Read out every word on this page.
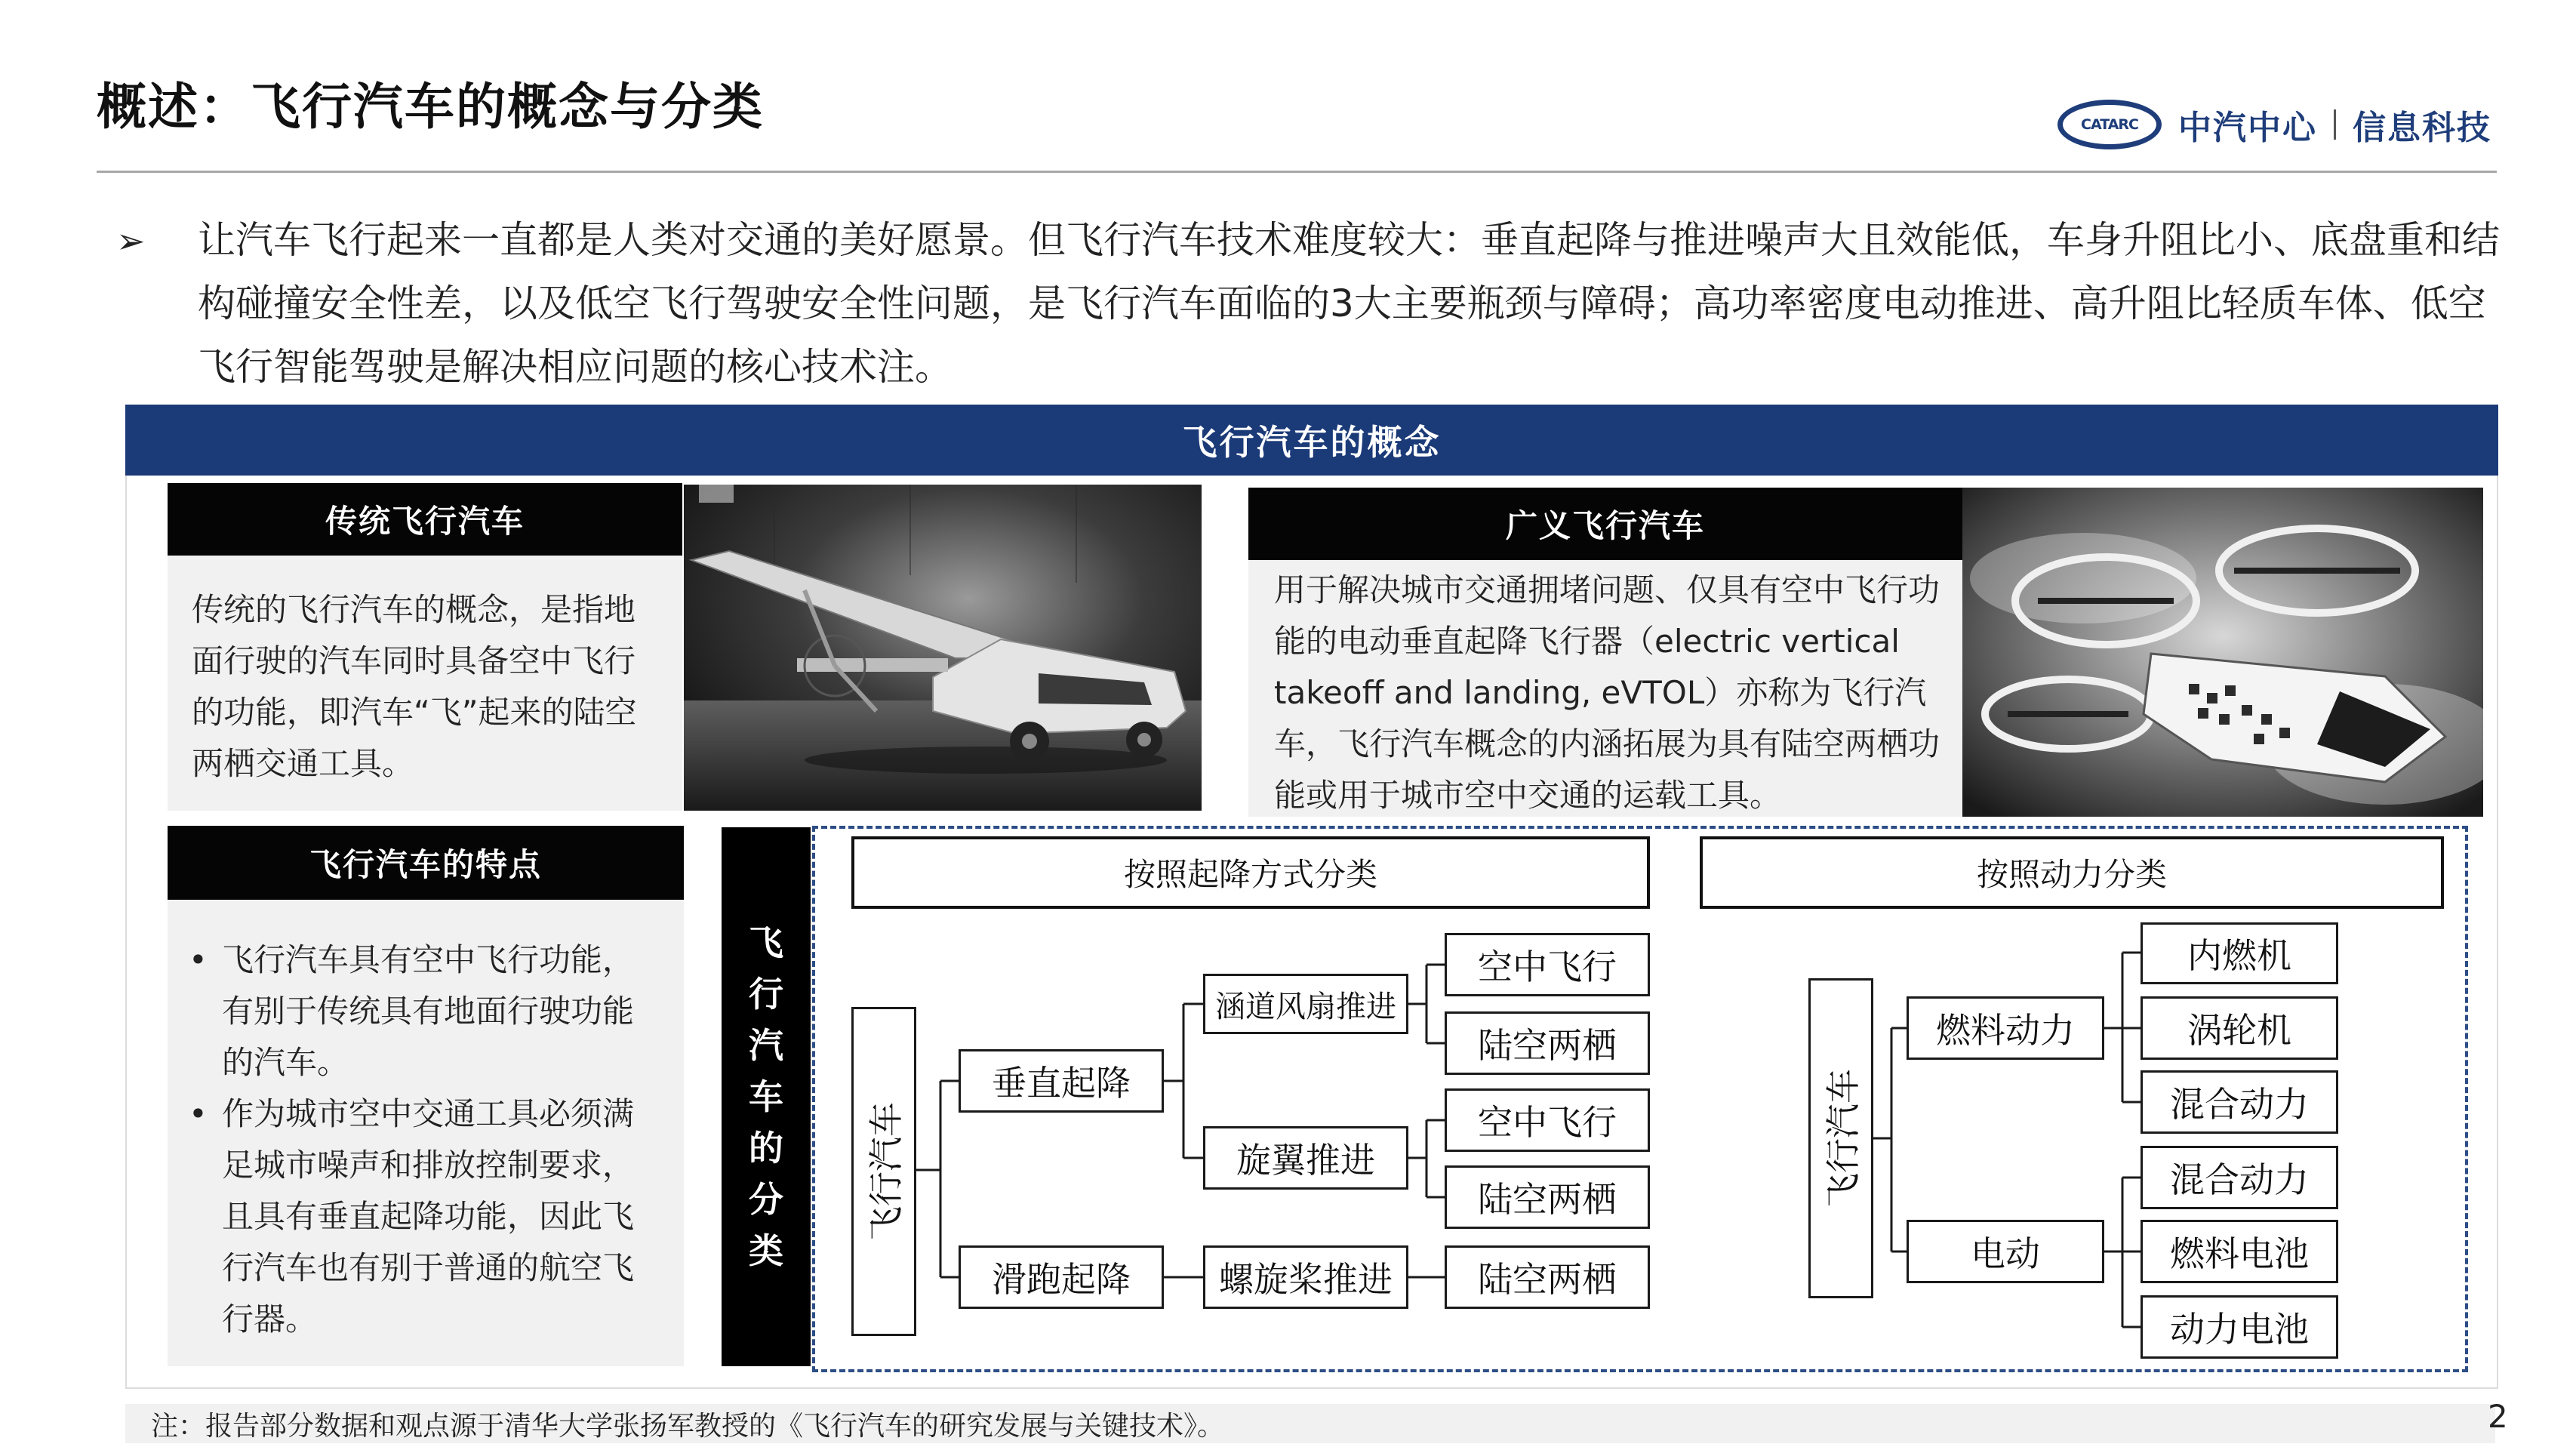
概述：飞行汽车的概念与分类	CATARC	中汽中心 信息科技
➢ 让汽车飞行起来一直都是人类对交通的美好愿景。但飞行汽车技术难度较大：垂直起降与推进噪声大且效能低，车身升阻比小、底盘重和结构碰撞安全性差，以及低空飞行驾驶安全性问题，是飞行汽车面临的3大主要瓶颈与障碍；高功率密度电动推进、高升阻比轻质车体、低空飞行智能驾驶是解决相应问题的核心技术注。
飞行汽车的概念
传统飞行汽车
传统的飞行汽车的概念，是指地面行驶的汽车同时具备空中飞行的功能，即汽车“飞”起来的陆空两栖交通工具。
广义飞行汽车
用于解决城市交通拥堵问题、仅具有空中飞行功能的电动垂直起降飞行器（electric vertical takeoff and landing, eVTOL）亦称为飞行汽车，飞行汽车概念的内涵拓展为具有陆空两栖功能或用于城市空中交通的运载工具。
飞行汽车的特点
• 飞行汽车具有空中飞行功能，有别于传统具有地面行驶功能的汽车。
• 作为城市空中交通工具必须满足城市噪声和排放控制要求，且具有垂直起降功能，因此飞行汽车也有别于普通的航空飞行器。
飞
行
汽
车
的
分
类
按照起降方式分类
飞行汽车
垂直起降
滑跑起降
涵道风扇推进
旋翼推进
螺旋桨推进
空中飞行
陆空两栖
空中飞行
陆空两栖
陆空两栖
按照动力分类
飞行汽车
燃料动力
电动
内燃机
涡轮机
混合动力
混合动力
燃料电池
动力电池
注：报告部分数据和观点源于清华大学张扬军教授的《飞行汽车的研究发展与关键技术》。	2
